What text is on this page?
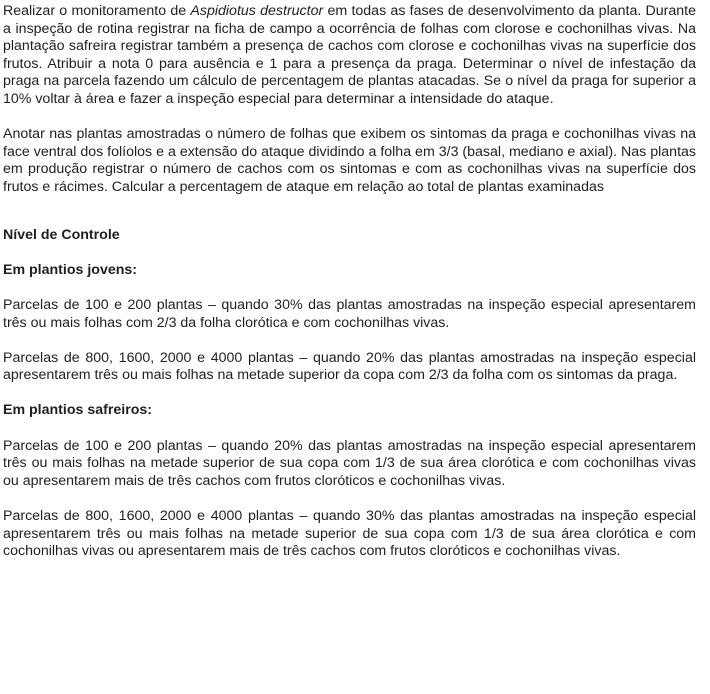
Realizar o monitoramento de Aspidiotus destructor em todas as fases de desenvolvimento da planta. Durante a inspeção de rotina registrar na ficha de campo a ocorrência de folhas com clorose e cochonilhas vivas. Na plantação safreira registrar também a presença de cachos com clorose e cochonilhas vivas na superfície dos frutos. Atribuir a nota 0 para ausência e 1 para a presença da praga. Determinar o nível de infestação da praga na parcela fazendo um cálculo de percentagem de plantas atacadas. Se o nível da praga for superior a 10% voltar à área e fazer a inspeção especial para determinar a intensidade do ataque.

Anotar nas plantas amostradas o número de folhas que exibem os sintomas da praga e cochonilhas vivas na face ventral dos folíolos e a extensão do ataque dividindo a folha em 3/3 (basal, mediano e axial). Nas plantas em produção registrar o número de cachos com os sintomas e com as cochonilhas vivas na superfície dos frutos e rácimes. Calcular a percentagem de ataque em relação ao total de plantas examinadas

Nível de Controle

Em plantios jovens:

Parcelas de 100 e 200 plantas – quando 30% das plantas amostradas na inspeção especial apresentarem três ou mais folhas com 2/3 da folha clorótica e com cochonilhas vivas.

Parcelas de 800, 1600, 2000 e 4000 plantas – quando 20% das plantas amostradas na inspeção especial apresentarem três ou mais folhas na metade superior da copa com 2/3 da folha com os sintomas da praga.

Em plantios safreiros:

Parcelas de 100 e 200 plantas – quando 20% das plantas amostradas na inspeção especial apresentarem três ou mais folhas na metade superior de sua copa com 1/3 de sua área clorótica e com cochonilhas vivas ou apresentarem mais de três cachos com frutos cloróticos e cochonilhas vivas.

Parcelas de 800, 1600, 2000 e 4000 plantas – quando 30% das plantas amostradas na inspeção especial apresentarem três ou mais folhas na metade superior de sua copa com 1/3 de sua área clorótica e com cochonilhas vivas ou apresentarem mais de três cachos com frutos cloróticos e cochonilhas vivas.
